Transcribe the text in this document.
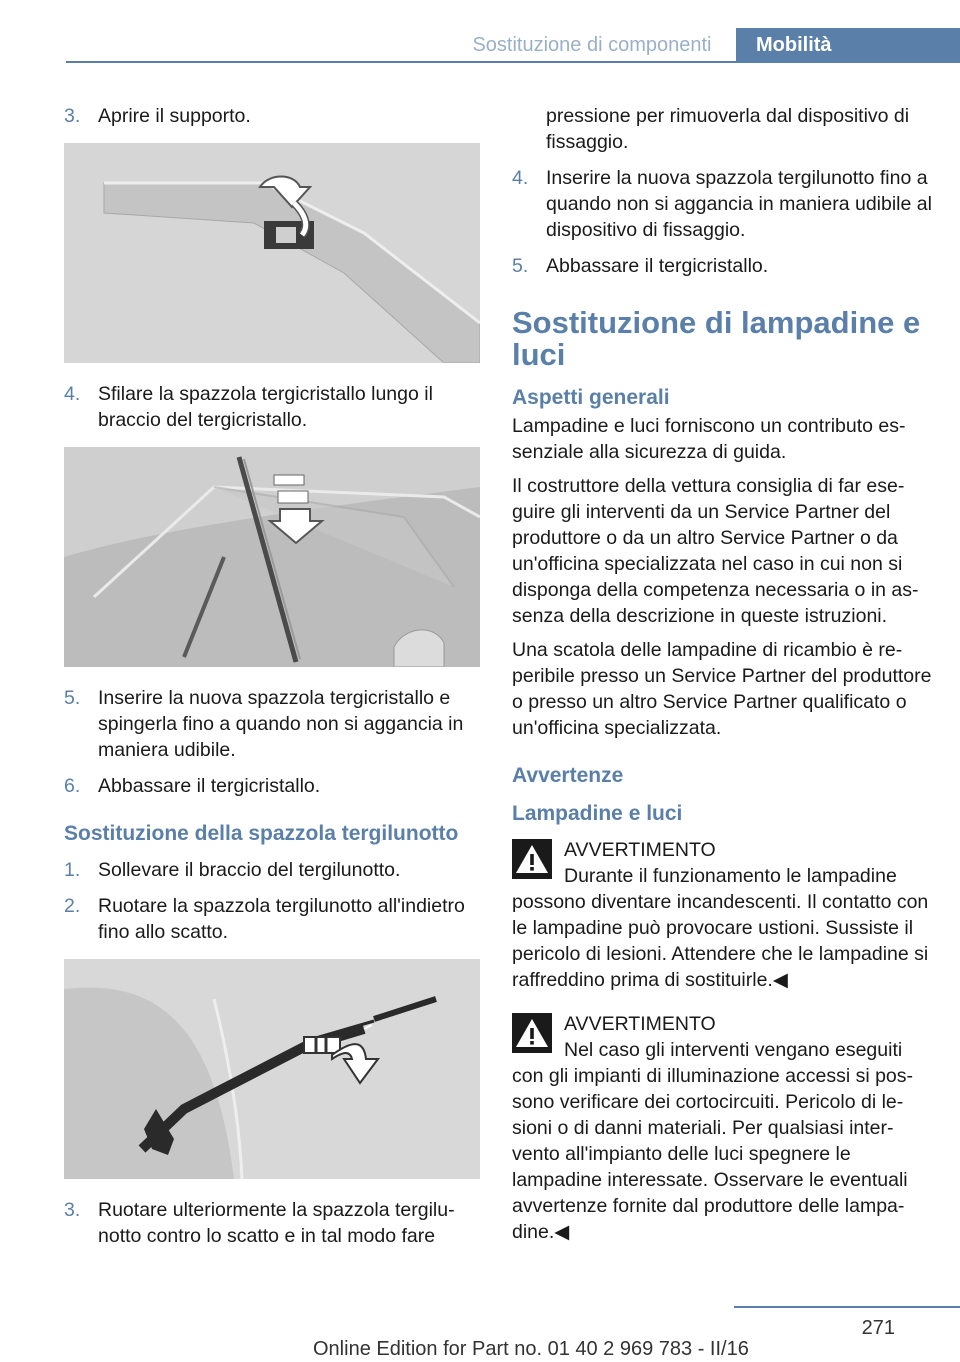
Sostituzione di componenti	Mobilità
3. Aprire il supporto.
4. Sfilare la spazzola tergicristallo lungo il braccio del tergicristallo.
5. Inserire la nuova spazzola tergicristallo e spingerla fino a quando non si aggancia in maniera udibile.
6. Abbassare il tergicristallo.
Sostituzione della spazzola tergilunotto
1. Sollevare il braccio del tergilunotto.
2. Ruotare la spazzola tergilunotto all'indietro fino allo scatto.
3. Ruotare ulteriormente la spazzola tergilunotto contro lo scatto e in tal modo fare
pressione per rimuoverla dal dispositivo di fissaggio.
4. Inserire la nuova spazzola tergilunotto fino a quando non si aggancia in maniera udibile al dispositivo di fissaggio.
5. Abbassare il tergicristallo.
Sostituzione di lampadine e luci
Aspetti generali

Lampadine e luci forniscono un contributo essenziale alla sicurezza di guida.

Il costruttore della vettura consiglia di far eseguire gli interventi da un Service Partner del produttore o da un altro Service Partner o da un'officina specializzata nel caso in cui non si disponga della competenza necessaria o in assenza della descrizione in queste istruzioni.

Una scatola delle lampadine di ricambio è reperibile presso un Service Partner del produttore o presso un altro Service Partner qualificato o un'officina specializzata.

Avvertenze
Lampadine e luci
AVVERTIMENTO

Durante il funzionamento le lampadine possono diventare incandescenti. Il contatto con le lampadine può provocare ustioni. Sussiste il pericolo di lesioni. Attendere che le lampadine si raffreddino prima di sostituirle.◀

AVVERTIMENTO

Nel caso gli interventi vengano eseguiti con gli impianti di illuminazione accessi si possono verificare dei cortocircuiti. Pericolo di lesioni o di danni materiali. Per qualsiasi intervento all'impianto delle luci spegnere le lampadine interessate. Osservare le eventuali avvertenze fornite dal produttore delle lampadine.◀

271
Online Edition for Part no. 01 40 2 969 783 - II/16
